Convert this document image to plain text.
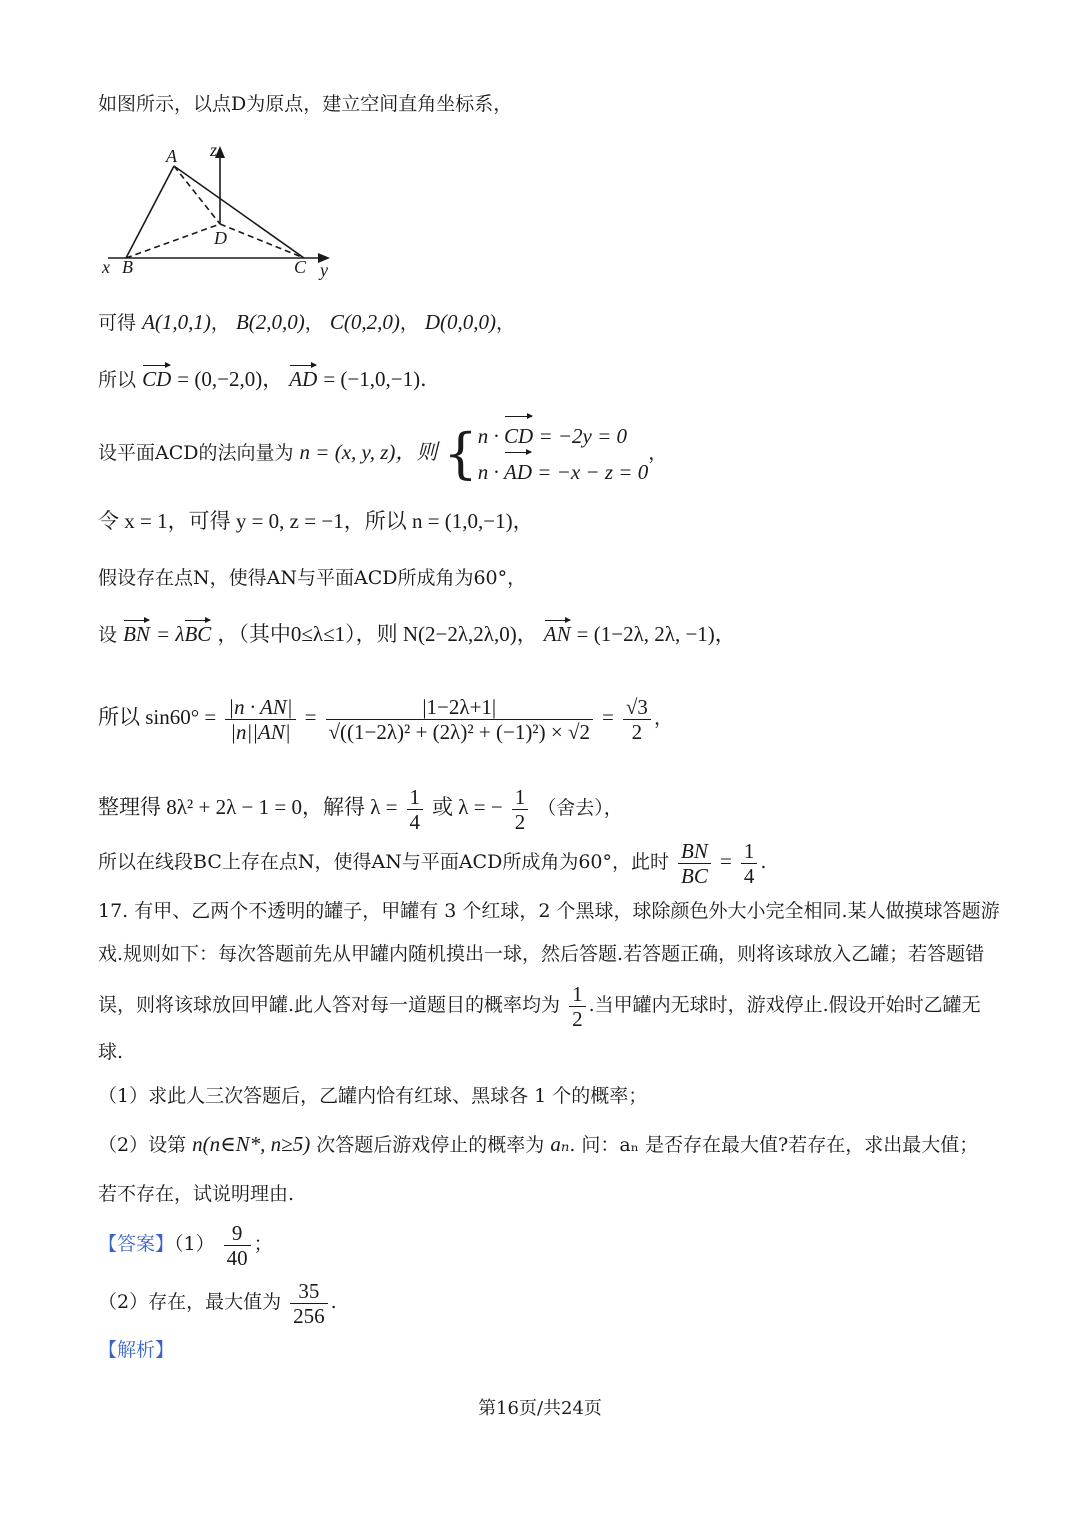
如图所示，以点D为原点，建立空间直角坐标系，
A z
D
x B	C y
可得 A(1,0,1)， B(2,0,0)， C(0,2,0)， D(0,0,0)，
所以 CD = (0,−2,0)， AD = (−1,0,−1)．
设平面ACD的法向量为 n = (x, y, z)，则 { n · CD = −2y = 0
n · AD = −x − z = 0
，
令 x = 1，可得 y = 0, z = −1，所以 n = (1,0,−1)，
假设存在点N，使得AN与平面ACD所成角为60°，
设 BN = λBC ，（其中0≤λ≤1），则 N(2−2λ,2λ,0)， AN = (1−2λ, 2λ, −1)，
所以 $\sin 60^\circ = \frac{|n \cdot AN|}{|n||AN|} = \frac{|1-2\lambda+1|}{\text{√((1−2λ)² + (2λ)² + (−1)²) × √2}} = \frac{√3}{2}$ ，
整理得 8λ² + 2λ − 1 = 0，解得 $\lambda = \frac{1}{4}$ 或 λ = − $\frac{1}{2}$ （舍去），
所以在线段BC上存在点N，使得AN与平面ACD所成角为60°，此时 $\frac{BN}{BC} = \frac{1}{4}$ .
17. 有甲、乙两个不透明的罐子，甲罐有 3 个红球，2 个黑球，球除颜色外大小完全相同.某人做摸球答题游
戏.规则如下：每次答题前先从甲罐内随机摸出一球，然后答题.若答题正确，则将该球放入乙罐；若答题错
误，则将该球放回甲罐.此人答对每一道题目的概率均为 $\frac{1}{2}$ .当甲罐内无球时，游戏停止.假设开始时乙罐无
球.
（1）求此人三次答题后，乙罐内恰有红球、黑球各 1 个的概率；
（2）设第 n(n∈N*, n≥5) 次答题后游戏停止的概率为 aₙ. 问：aₙ 是否存在最大值?若存在，求出最大值；
若不存在，试说明理由.
【答案】$(1) \frac{9}{40}$ ；
（2）存在，最大值为 $\frac{35}{256}$ .
【解析】
第16页/共24页
